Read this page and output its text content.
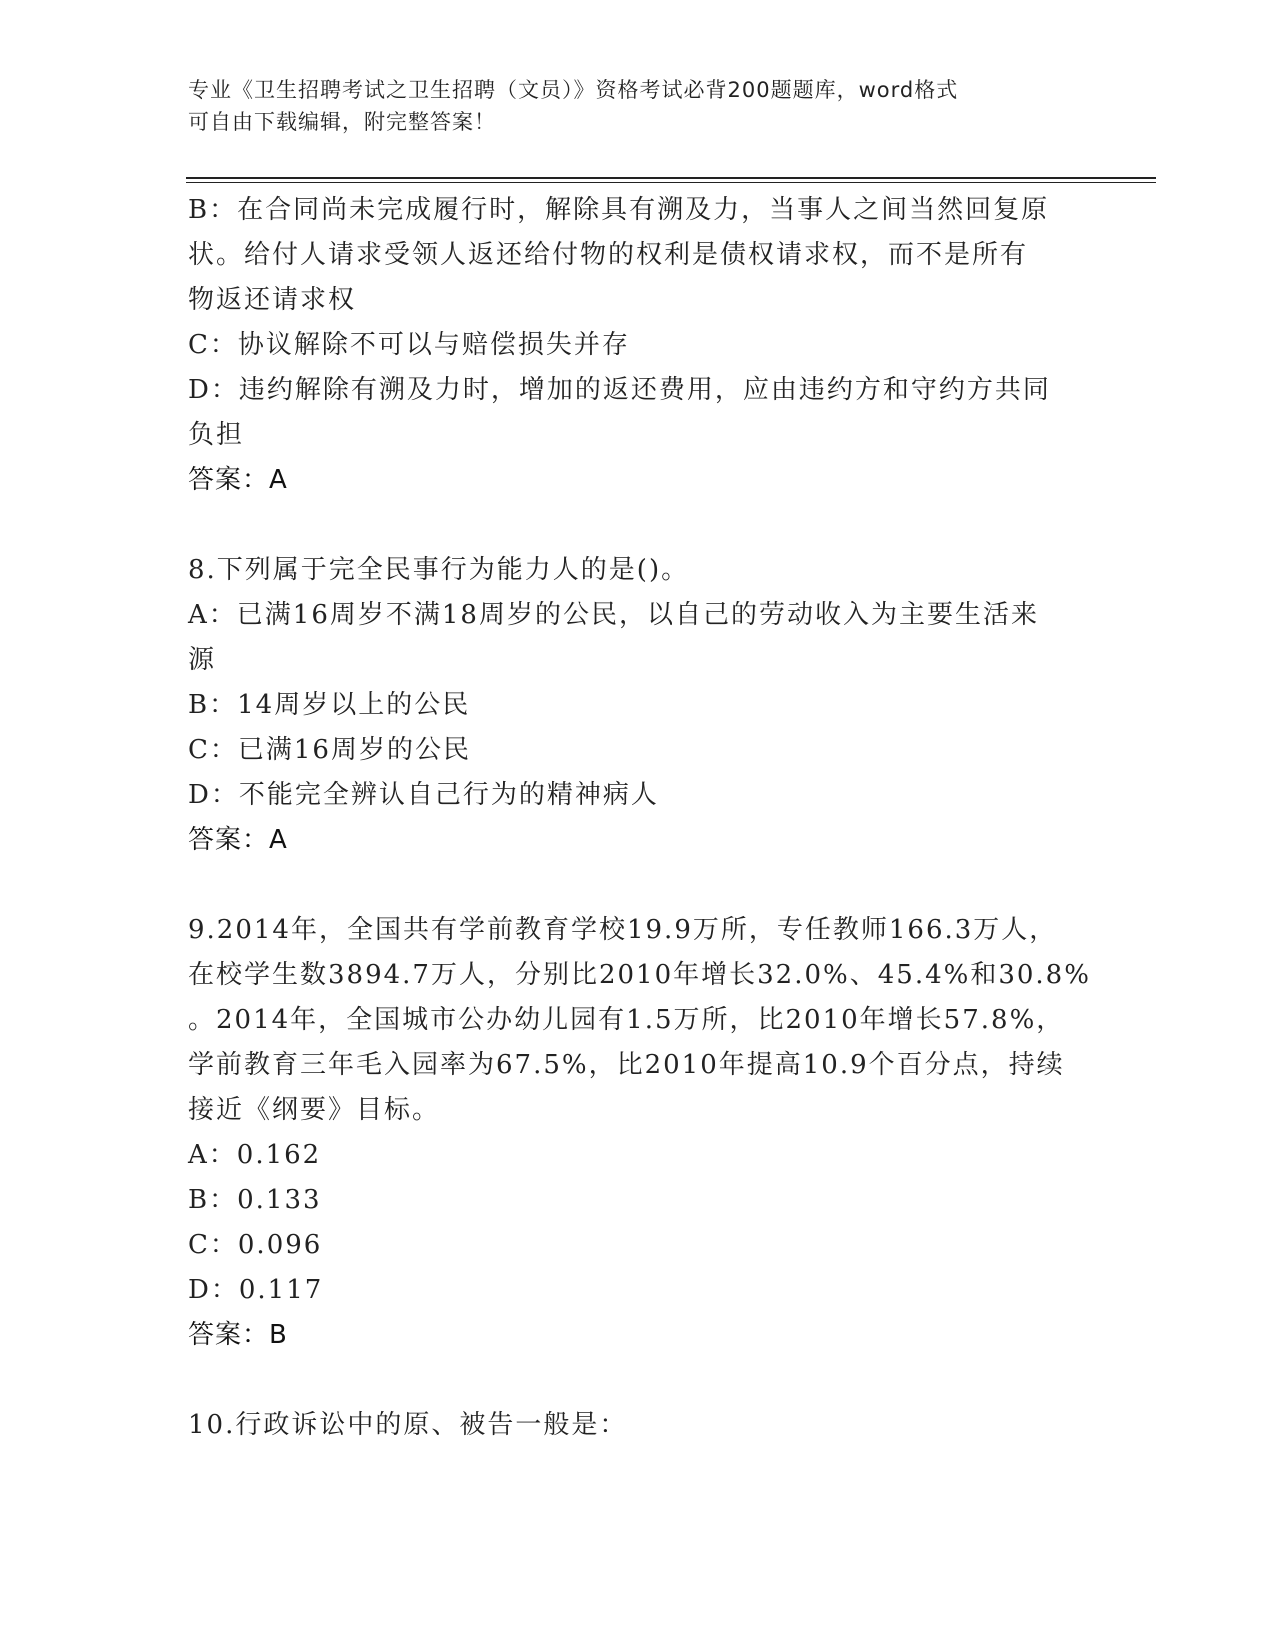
专业《卫生招聘考试之卫生招聘（文员）》资格考试必背200题题库，word格式
可自由下载编辑，附完整答案！
B：在合同尚未完成履行时，解除具有溯及力，当事人之间当然回复原
状。给付人请求受领人返还给付物的权利是债权请求权，而不是所有
物返还请求权
C：协议解除不可以与赔偿损失并存
D：违约解除有溯及力时，增加的返还费用，应由违约方和守约方共同
负担
答案：A
8.下列属于完全民事行为能力人的是()。
A：已满16周岁不满18周岁的公民，以自己的劳动收入为主要生活来
源
B：14周岁以上的公民
C：已满16周岁的公民
D：不能完全辨认自己行为的精神病人
答案：A
9.2014年，全国共有学前教育学校19.9万所，专任教师166.3万人，
在校学生数3894.7万人，分别比2010年增长32.0%、45.4%和30.8%
。2014年，全国城市公办幼儿园有1.5万所，比2010年增长57.8%，
学前教育三年毛入园率为67.5%，比2010年提高10.9个百分点，持续
接近《纲要》目标。
A：0.162
B：0.133
C：0.096
D：0.117
答案：B
10.行政诉讼中的原、被告一般是：
